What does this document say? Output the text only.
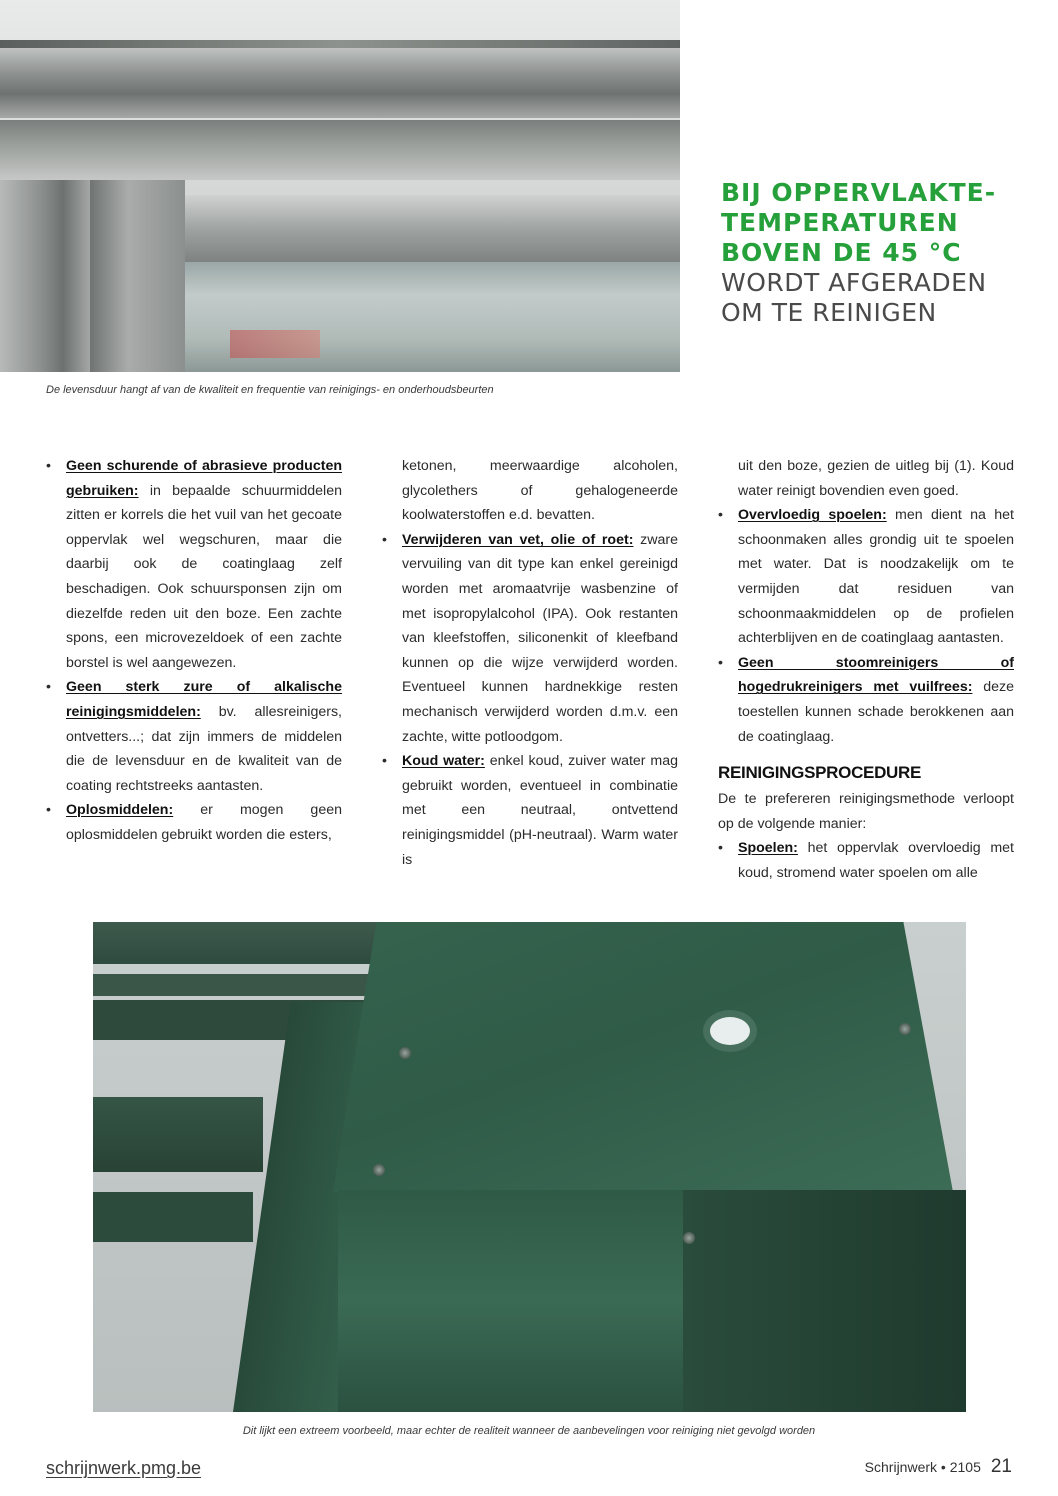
BIJ OPPERVLAKTE-

TEMPERATUREN

BOVEN DE 45 °C

WORDT AFGERADEN

OM TE REINIGEN

De levensduur hangt af van de kwaliteit en frequentie van reinigings- en onderhoudsbeurten
• Geen schurende of abrasieve producten gebruiken: in bepaalde schuurmiddelen zitten er korrels die het vuil van het gecoate oppervlak wel wegschuren, maar die daarbij ook de coatinglaag zelf beschadigen. Ook schuursponsen zijn om diezelfde reden uit den boze. Een zachte spons, een microvezeldoek of een zachte borstel is wel aangewezen.
• Geen sterk zure of alkalische reinigingsmiddelen: bv. allesreinigers, ontvetters...; dat zijn immers de middelen die de levensduur en de kwaliteit van de coating rechtstreeks aantasten.
• Oplosmiddelen: er mogen geen oplosmiddelen gebruikt worden die esters,

ketonen, meerwaardige alcoholen, glycolethers of gehalogeneerde koolwaterstoffen e.d. bevatten.

• Verwijderen van vet, olie of roet: zware vervuiling van dit type kan enkel gereinigd worden met aromaatvrije wasbenzine of met isopropylalcohol (IPA). Ook restanten van kleefstoffen, siliconenkit of kleefband kunnen op die wijze verwijderd worden. Eventueel kunnen hardnekkige resten mechanisch verwijderd worden d.m.v. een zachte, witte potloodgom.
• Koud water: enkel koud, zuiver water mag gebruikt worden, eventueel in combinatie met een neutraal, ontvettend reinigingsmiddel (pH-neutraal). Warm water is

uit den boze, gezien de uitleg bij (1). Koud water reinigt bovendien even goed.

• Overvloedig spoelen: men dient na het schoonmaken alles grondig uit te spoelen met water. Dat is noodzakelijk om te vermijden dat residuen van schoonmaakmiddelen op de profielen achterblijven en de coatinglaag aantasten.
• Geen stoomreinigers of hogedrukreinigers met vuilfrees: deze toestellen kunnen schade berokkenen aan de coatinglaag.
REINIGINGSPROCEDURE

De te prefereren reinigingsmethode verloopt op de volgende manier:

• Spoelen: het oppervlak overvloedig met koud, stromend water spoelen om alle
Dit lijkt een extreem voorbeeld, maar echter de realiteit wanneer de aanbevelingen voor reiniging niet gevolgd worden
schrijnwerk.pmg.be	Schrijnwerk • 2105 21
